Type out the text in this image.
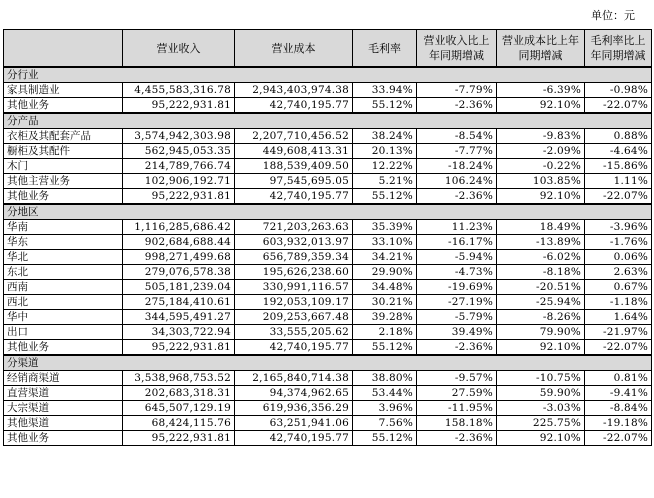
单位：元
	营业收入	营业成本	毛利率	营业收入比上年同期增减	营业成本比上年同期增减	毛利率比上年同期增减
分行业						
家具制造业	4,455,583,316.78	2,943,403,974.38	33.94%	-7.79%	-6.39%	-0.98%
其他业务	95,222,931.81	42,740,195.77	55.12%	-2.36%	92.10%	-22.07%
分产品						
衣柜及其配套产品	3,574,942,303.98	2,207,710,456.52	38.24%	-8.54%	-9.83%	0.88%
橱柜及其配件	562,945,053.35	449,608,413.31	20.13%	-7.77%	-2.09%	-4.64%
木门	214,789,766.74	188,539,409.50	12.22%	-18.24%	-0.22%	-15.86%
其他主营业务	102,906,192.71	97,545,695.05	5.21%	106.24%	103.85%	1.11%
其他业务	95,222,931.81	42,740,195.77	55.12%	-2.36%	92.10%	-22.07%
分地区						
华南	1,116,285,686.42	721,203,263.63	35.39%	11.23%	18.49%	-3.96%
华东	902,684,688.44	603,932,013.97	33.10%	-16.17%	-13.89%	-1.76%
华北	998,271,499.68	656,789,359.34	34.21%	-5.94%	-6.02%	0.06%
东北	279,076,578.38	195,626,238.60	29.90%	-4.73%	-8.18%	2.63%
西南	505,181,239.04	330,991,116.57	34.48%	-19.69%	-20.51%	0.67%
西北	275,184,410.61	192,053,109.17	30.21%	-27.19%	-25.94%	-1.18%
华中	344,595,491.27	209,253,667.48	39.28%	-5.79%	-8.26%	1.64%
出口	34,303,722.94	33,555,205.62	2.18%	39.49%	79.90%	-21.97%
其他业务	95,222,931.81	42,740,195.77	55.12%	-2.36%	92.10%	-22.07%
分渠道						
经销商渠道	3,538,968,753.52	2,165,840,714.38	38.80%	-9.57%	-10.75%	0.81%
直营渠道	202,683,318.31	94,374,962.65	53.44%	27.59%	59.90%	-9.41%
大宗渠道	645,507,129.19	619,936,356.29	3.96%	-11.95%	-3.03%	-8.84%
其他渠道	68,424,115.76	63,251,941.06	7.56%	158.18%	225.75%	-19.18%
其他业务	95,222,931.81	42,740,195.77	55.12%	-2.36%	92.10%	-22.07%
